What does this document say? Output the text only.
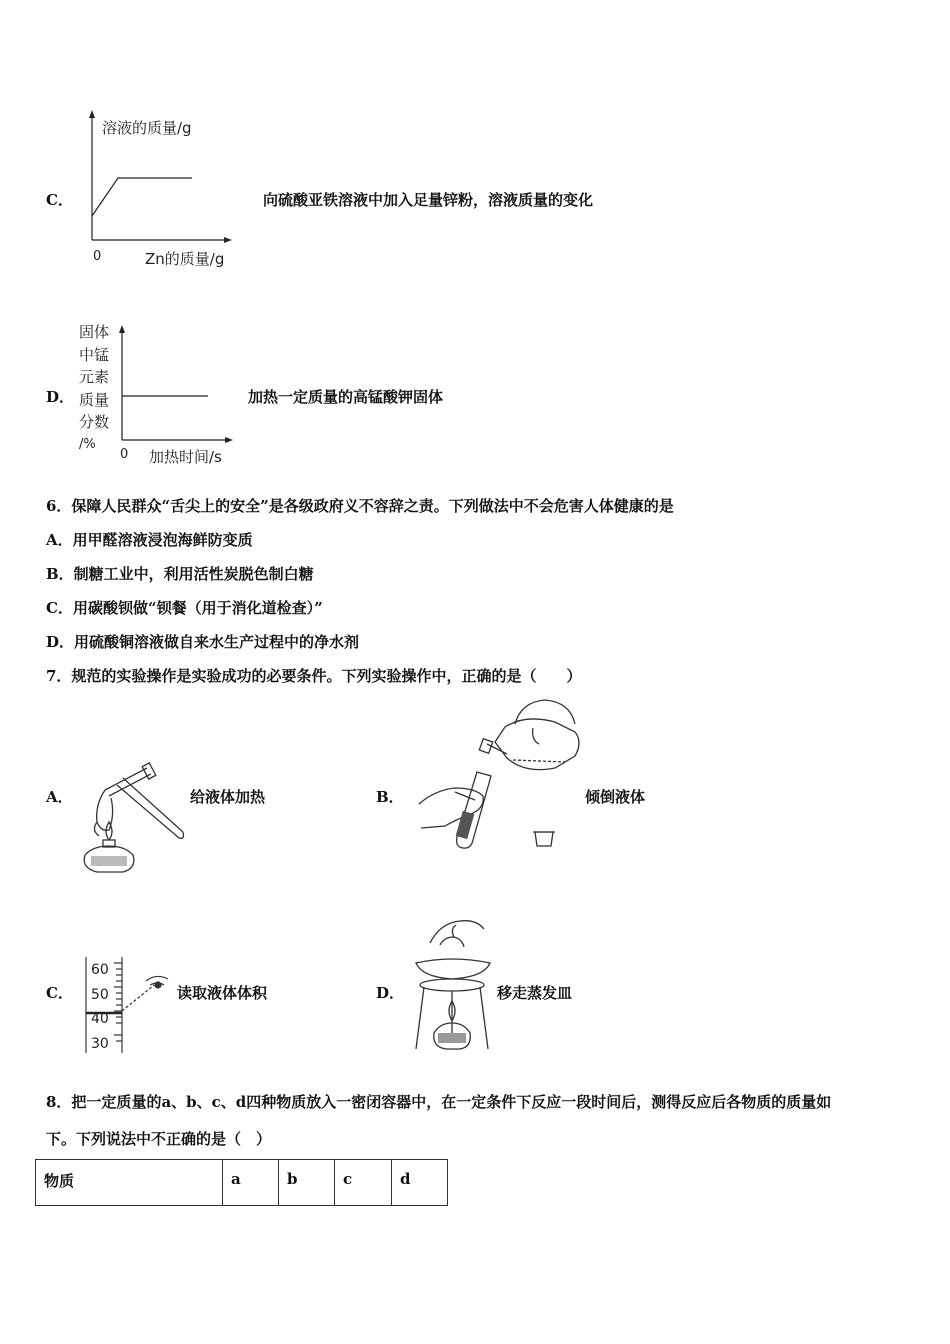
C．
溶液的质量/g
0	Zn的质量/g
向硫酸亚铁溶液中加入足量锌粉，溶液质量的变化
D．
固体
中锰
元素
质量
分数
/%
0 加热时间/s
加热一定质量的高锰酸钾固体
6．保障人民群众“舌尖上的安全”是各级政府义不容辞之责。下列做法中不会危害人体健康的是
A．用甲醛溶液浸泡海鲜防变质
B．制糖工业中，利用活性炭脱色制白糖
C．用碳酸钡做“钡餐（用于消化道检查）”
D．用硫酸铜溶液做自来水生产过程中的净水剂
7．规范的实验操作是实验成功的必要条件。下列实验操作中，正确的是（　　）
A．	给液体加热	B．	倾倒液体
C．
60
50
40
30
读取液体体积	D．	移走蒸发皿
8．把一定质量的a、b、c、d四种物质放入一密闭容器中，在一定条件下反应一段时间后，测得反应后各物质的质量如
下。下列说法中不正确的是（　）
物质	a	b	c	d
